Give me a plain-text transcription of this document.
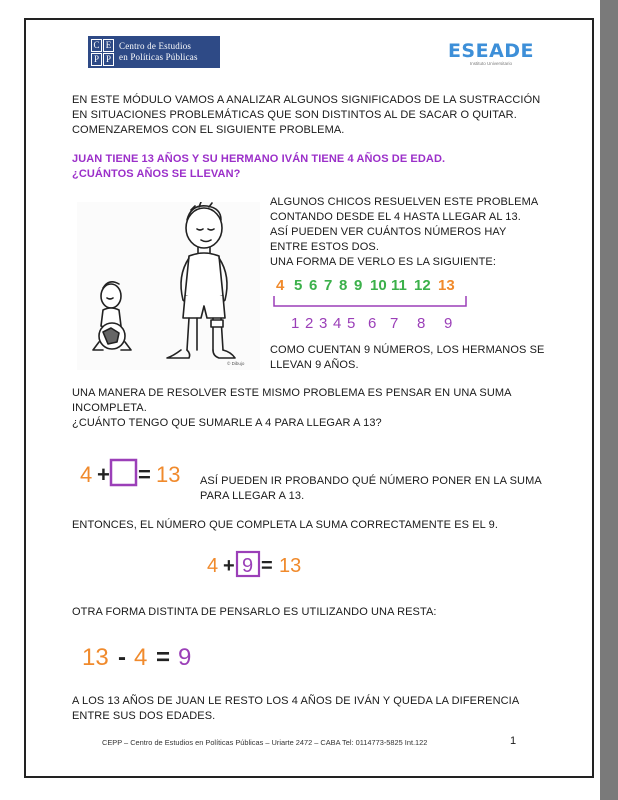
C E
P P
Centro de Estudios
en Políticas Públicas	ESEADE
Instituto Universitario
EN ESTE MÓDULO VAMOS A ANALIZAR ALGUNOS SIGNIFICADOS DE LA SUSTRACCIÓN
EN SITUACIONES PROBLEMÁTICAS QUE SON DISTINTOS AL DE SACAR O QUITAR.
COMENZAREMOS CON EL SIGUIENTE PROBLEMA.
JUAN TIENE 13 AÑOS Y SU HERMANO IVÁN TIENE 4 AÑOS DE EDAD.
¿CUÁNTOS AÑOS SE LLEVAN?
© Dibujo
ALGUNOS CHICOS RESUELVEN ESTE PROBLEMA
CONTANDO DESDE EL 4 HASTA LLEGAR AL 13.
ASÍ PUEDEN VER CUÁNTOS NÚMEROS HAY
ENTRE ESTOS DOS.
UNA FORMA DE VERLO ES LA SIGUIENTE:
4 5 6 7 8 9 10 11 12 13
1 2 3 4 5 6 7 8 9
COMO CUENTAN 9 NÚMEROS, LOS HERMANOS SE
LLEVAN 9 AÑOS.
UNA MANERA DE RESOLVER ESTE MISMO PROBLEMA ES PENSAR EN UNA SUMA
INCOMPLETA.
¿CUÁNTO TENGO QUE SUMARLE A 4 PARA LLEGAR A 13?
4 + = 13 ASÍ PUEDEN IR PROBANDO QUÉ NÚMERO PONER EN LA SUMA
PARA LLEGAR A 13.
ENTONCES, EL NÚMERO QUE COMPLETA LA SUMA CORRECTAMENTE ES EL 9.
4 + 9 = 13
OTRA FORMA DISTINTA DE PENSARLO ES UTILIZANDO UNA RESTA:
13 - 4 = 9
A LOS 13 AÑOS DE JUAN LE RESTO LOS 4 AÑOS DE IVÁN Y QUEDA LA DIFERENCIA
ENTRE SUS DOS EDADES.
CEPP – Centro de Estudios en Políticas Públicas – Uriarte 2472 – CABA Tel: 0114773-5825 Int.122	1
